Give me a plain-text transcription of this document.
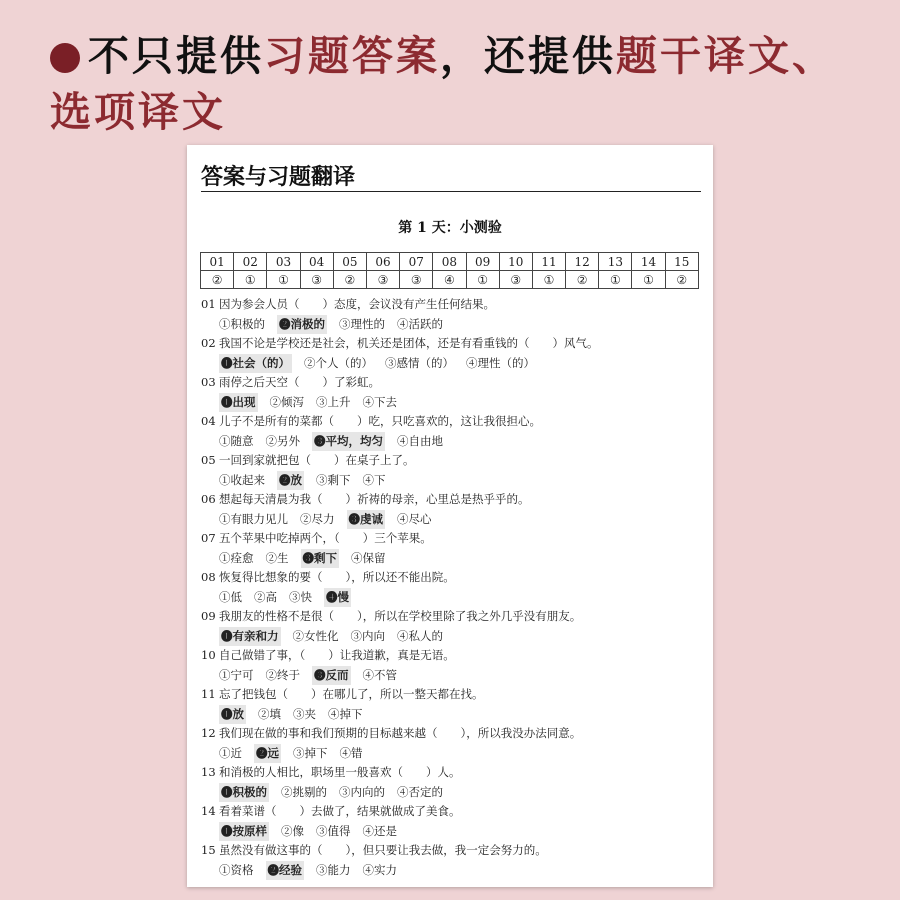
不只提供习题答案，还提供题干译文、
选项译文
答案与习题翻译
第 1 天：小测验
01	02	03	04	05	06	07	08	09	10	11	12	13	14	15
②	①	①	③	②	③	③	④	①	③	①	②	①	①	②
01 因为参会人员（　　）态度，会议没有产生任何结果。
①积极的 ❷消极的 ③理性的 ④活跃的
02 我国不论是学校还是社会，机关还是团体，还是有看重钱的（　　）风气。
❶社会（的） ②个人（的） ③感情（的） ④理性（的）
03 雨停之后天空（　　）了彩虹。
❶出现 ②倾泻 ③上升 ④下去
04 儿子不是所有的菜都（　　）吃，只吃喜欢的，这让我很担心。
①随意 ②另外 ❸平均，均匀 ④自由地
05 一回到家就把包（　　）在桌子上了。
①收起来 ❷放 ③剩下 ④下
06 想起每天清晨为我（　　）祈祷的母亲，心里总是热乎乎的。
①有眼力见儿 ②尽力 ❸虔诚 ④尽心
07 五个苹果中吃掉两个，（　　）三个苹果。
①痊愈 ②生 ❸剩下 ④保留
08 恢复得比想象的要（　　），所以还不能出院。
①低 ②高 ③快 ❹慢
09 我朋友的性格不是很（　　），所以在学校里除了我之外几乎没有朋友。
❶有亲和力 ②女性化 ③内向 ④私人的
10 自己做错了事，（　　）让我道歉，真是无语。
①宁可 ②终于 ❸反而 ④不管
11 忘了把钱包（　　）在哪儿了，所以一整天都在找。
❶放 ②填 ③夹 ④掉下
12 我们现在做的事和我们预期的目标越来越（　　），所以我没办法同意。
①近 ❷远 ③掉下 ④错
13 和消极的人相比，职场里一般喜欢（　　）人。
❶积极的 ②挑剔的 ③内向的 ④否定的
14 看着菜谱（　　）去做了，结果就做成了美食。
❶按原样 ②像 ③值得 ④还是
15 虽然没有做这事的（　　），但只要让我去做，我一定会努力的。
①资格 ❷经验 ③能力 ④实力
